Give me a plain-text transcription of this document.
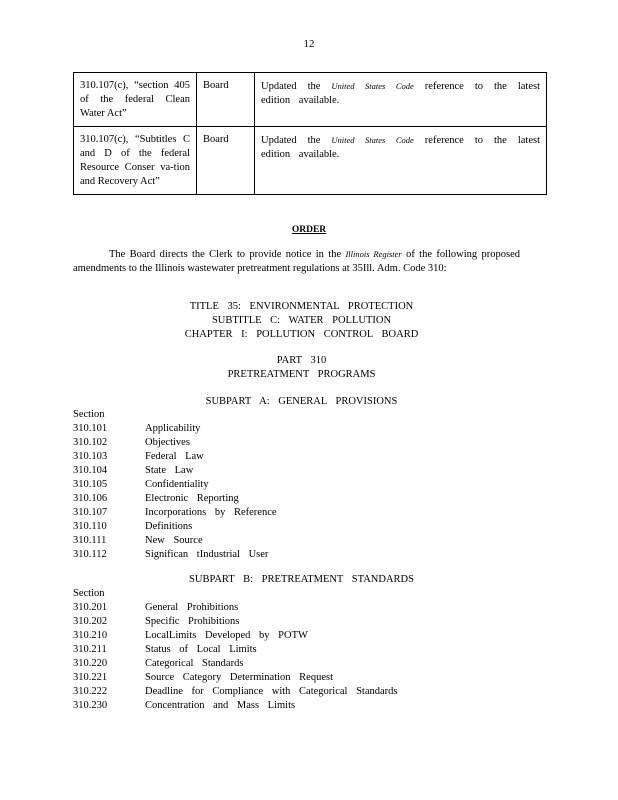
12
310.107(c), “section 405 of the federal Clean Water Act”	Board	Updated the United States Code reference to the latest edition available.
310.107(c), “Subtitles C and D of the federal Resource Conser va-tion and Recovery Act”	Board	Updated the United States Code reference to the latest edition available.
ORDER

The Board directs the Clerk to provide notice in the Illinois Register of the following proposed amendments to the Illinois wastewater pretreatment regulations at 35Ill. Adm. Code 310:

TITLE 35: ENVIRONMENTAL PROTECTION
SUBTITLE C: WATER POLLUTION
CHAPTER I: POLLUTION CONTROL BOARD
PART 310
PRETREATMENT PROGRAMS
SUBPART A: GENERAL PROVISIONS
Section
310.101	Applicability
310.102	Objectives
310.103	Federal Law
310.104	State Law
310.105	Confidentiality
310.106	Electronic Reporting
310.107	Incorporations by Reference
310.110	Definitions
310.111	New Source
310.112	Significan tIndustrial User
SUBPART B: PRETREATMENT STANDARDS
Section
310.201	General Prohibitions
310.202	Specific Prohibitions
310.210	LocalLimits Developed by POTW
310.211	Status of Local Limits
310.220	Categorical Standards
310.221	Source Category Determination Request
310.222	Deadline for Compliance with Categorical Standards
310.230	Concentration and Mass Limits
